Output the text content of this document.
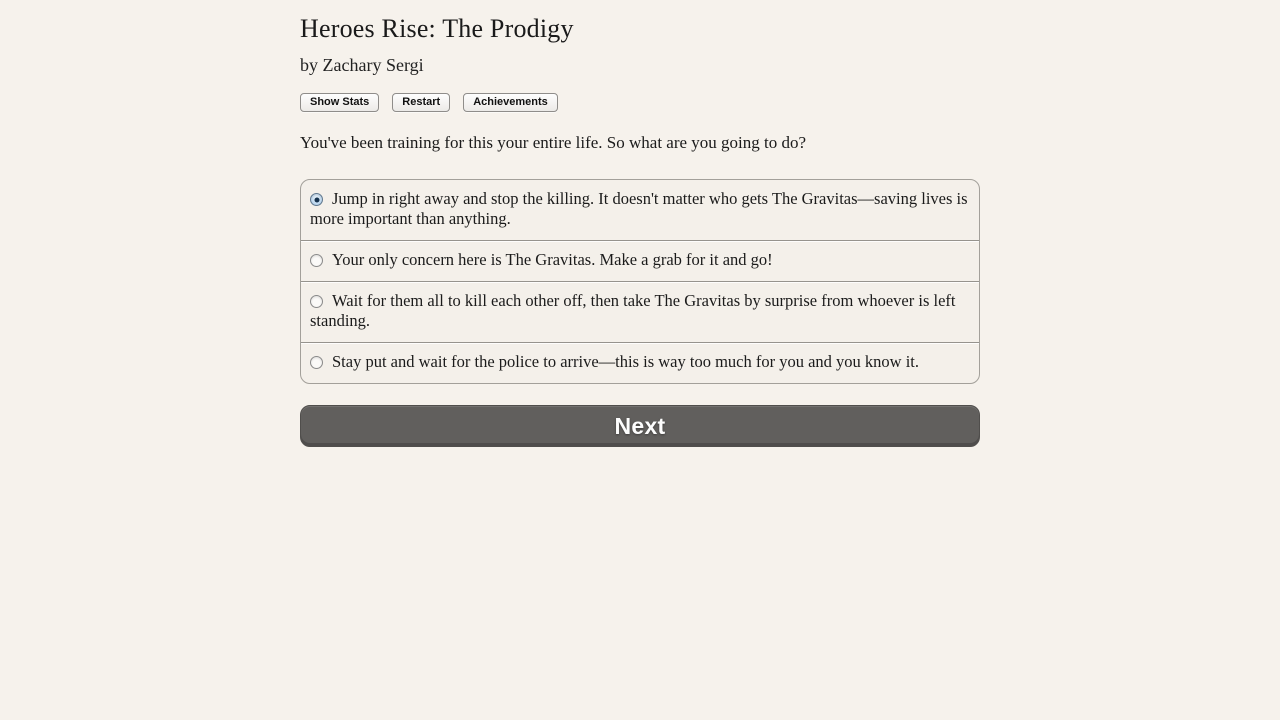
Heroes Rise: The Prodigy
by Zachary Sergi
Show Stats	Restart	Achievements
You've been training for this your entire life. So what are you going to do?
Jump in right away and stop the killing. It doesn't matter who gets The Gravitas—saving lives is more important than anything.
Your only concern here is The Gravitas. Make a grab for it and go!
Wait for them all to kill each other off, then take The Gravitas by surprise from whoever is left standing.
Stay put and wait for the police to arrive—this is way too much for you and you know it.
Next
